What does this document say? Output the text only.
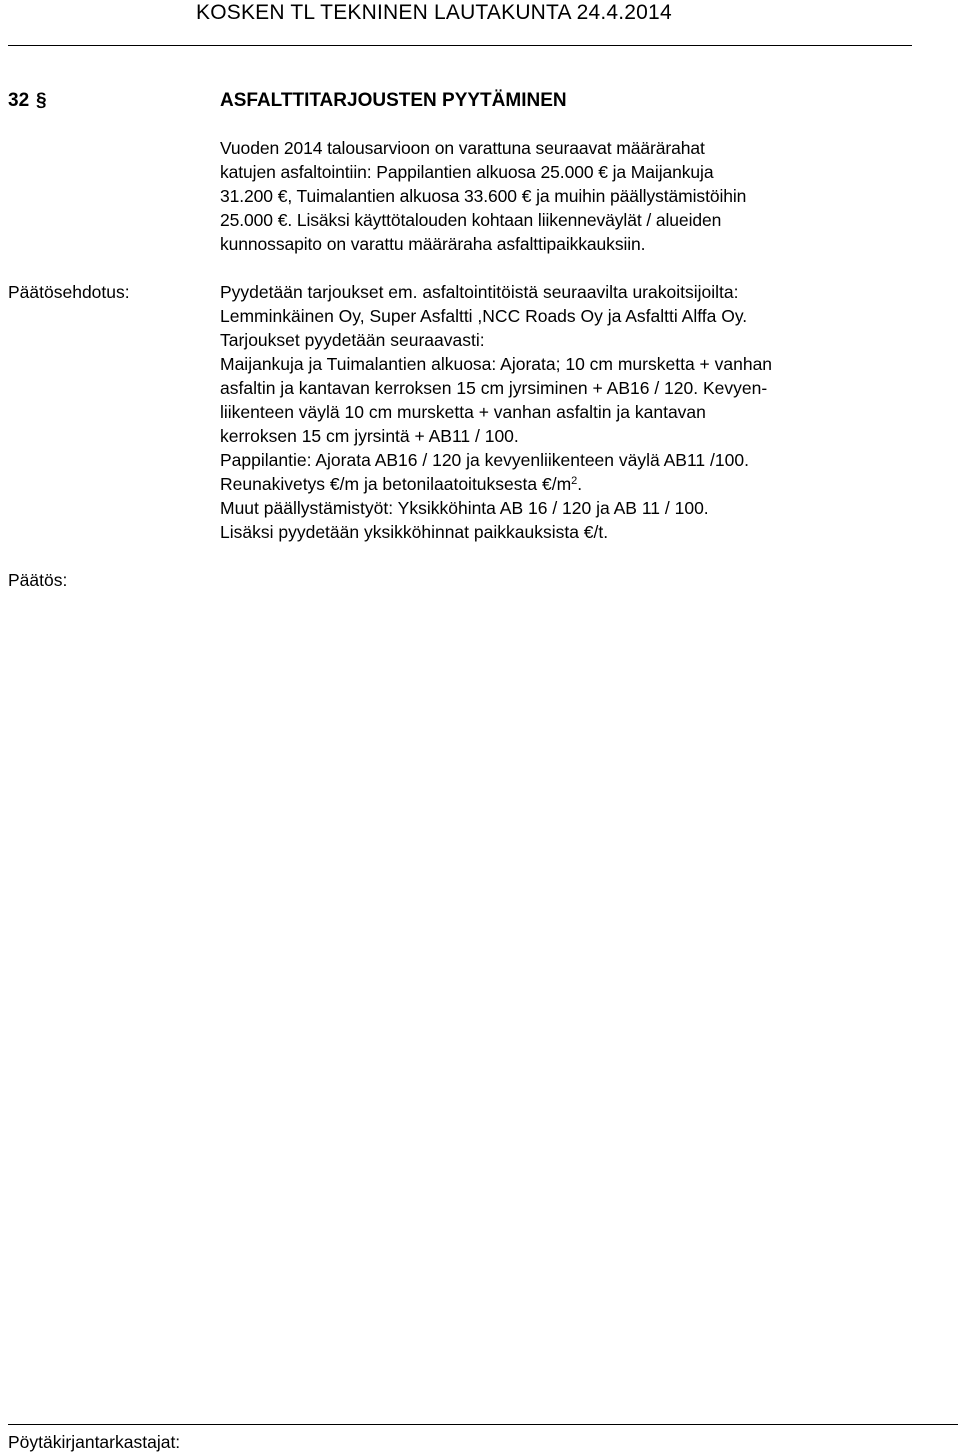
KOSKEN TL TEKNINEN LAUTAKUNTA 24.4.2014
32 §	ASFALTTITARJOUSTEN PYYTÄMINEN
Vuoden 2014 talousarvioon on varattuna seuraavat määrärahat
katujen asfaltointiin: Pappilantien alkuosa 25.000 € ja Maijankuja
31.200 €, Tuimalantien alkuosa 33.600 € ja muihin päällystämistöihin
25.000 €. Lisäksi käyttötalouden kohtaan liikenneväylät / alueiden
kunnossapito on varattu määräraha asfalttipaikkauksiin.
Päätösehdotus:	Pyydetään tarjoukset em. asfaltointitöistä seuraavilta urakoitsijoilta:
Lemminkäinen Oy, Super Asfaltti ,NCC Roads Oy ja Asfaltti Alffa Oy.
Tarjoukset pyydetään seuraavasti:
Maijankuja ja Tuimalantien alkuosa: Ajorata; 10 cm mursketta + vanhan
asfaltin ja kantavan kerroksen 15 cm jyrsiminen + AB16 / 120. Kevyen-
liikenteen väylä 10 cm mursketta + vanhan asfaltin ja kantavan
kerroksen 15 cm jyrsintä + AB11 / 100.
Pappilantie: Ajorata AB16 / 120 ja kevyenliikenteen väylä AB11 /100.
Reunakivetys €/m ja betonilaatoituksesta $€/m^2$.
Muut päällystämistyöt: Yksikköhinta AB 16 / 120 ja AB 11 / 100.
Lisäksi pyydetään yksikköhinnat paikkauksista €/t.
Päätös:
Pöytäkirjantarkastajat:
